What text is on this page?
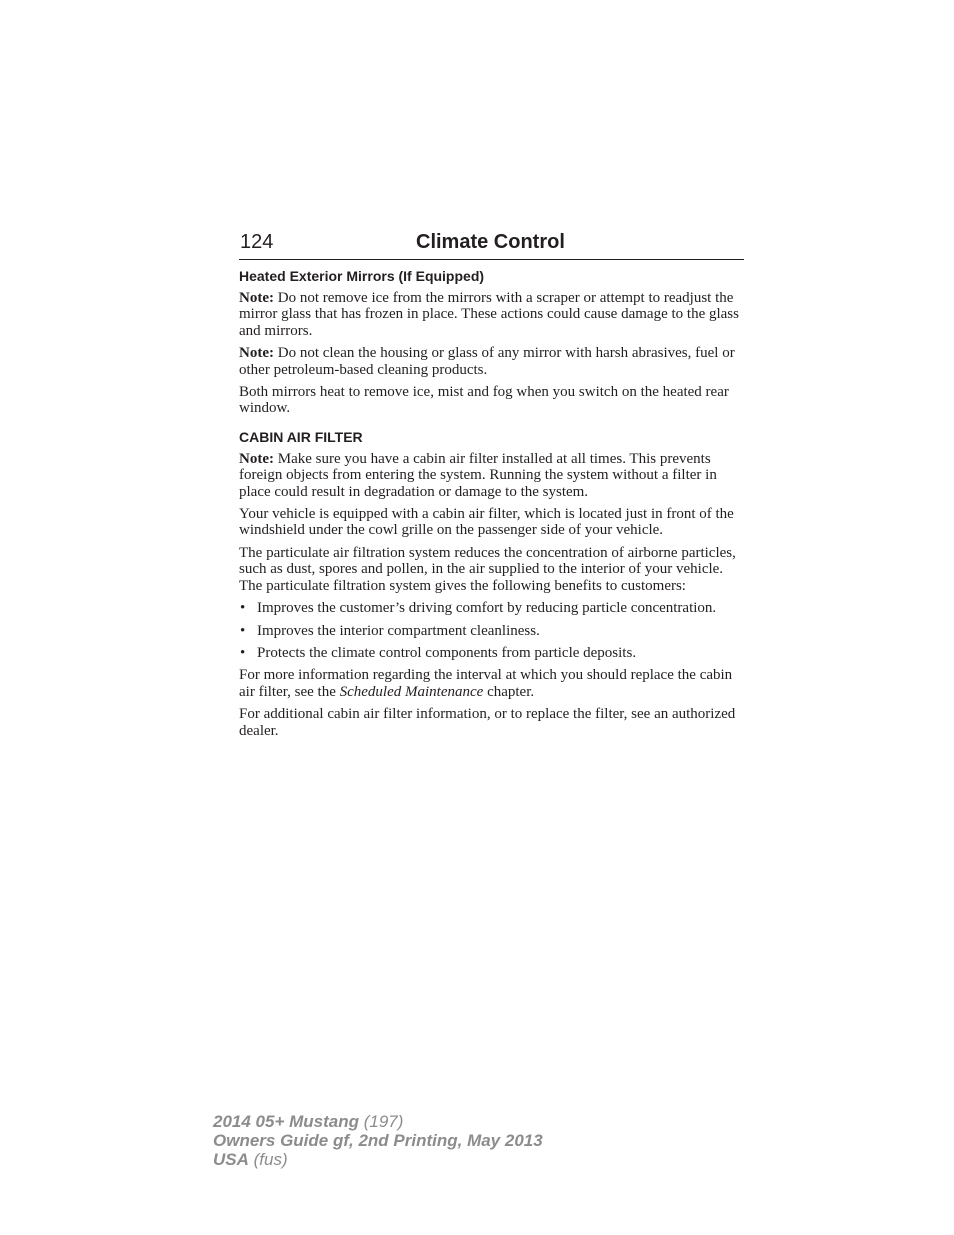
124	Climate Control
Heated Exterior Mirrors (If Equipped)

Note: Do not remove ice from the mirrors with a scraper or attempt to readjust the mirror glass that has frozen in place. These actions could cause damage to the glass and mirrors.

Note: Do not clean the housing or glass of any mirror with harsh abrasives, fuel or other petroleum-based cleaning products.

Both mirrors heat to remove ice, mist and fog when you switch on the heated rear window.

CABIN AIR FILTER

Note: Make sure you have a cabin air filter installed at all times. This prevents foreign objects from entering the system. Running the system without a filter in place could result in degradation or damage to the system.

Your vehicle is equipped with a cabin air filter, which is located just in front of the windshield under the cowl grille on the passenger side of your vehicle.

The particulate air filtration system reduces the concentration of airborne particles, such as dust, spores and pollen, in the air supplied to the interior of your vehicle. The particulate filtration system gives the following benefits to customers:

• Improves the customer’s driving comfort by reducing particle concentration.
• Improves the interior compartment cleanliness.
• Protects the climate control components from particle deposits.

For more information regarding the interval at which you should replace the cabin air filter, see the Scheduled Maintenance chapter.

For additional cabin air filter information, or to replace the filter, see an authorized dealer.

2014 05+ Mustang (197)
Owners Guide gf, 2nd Printing, May 2013
USA (fus)
